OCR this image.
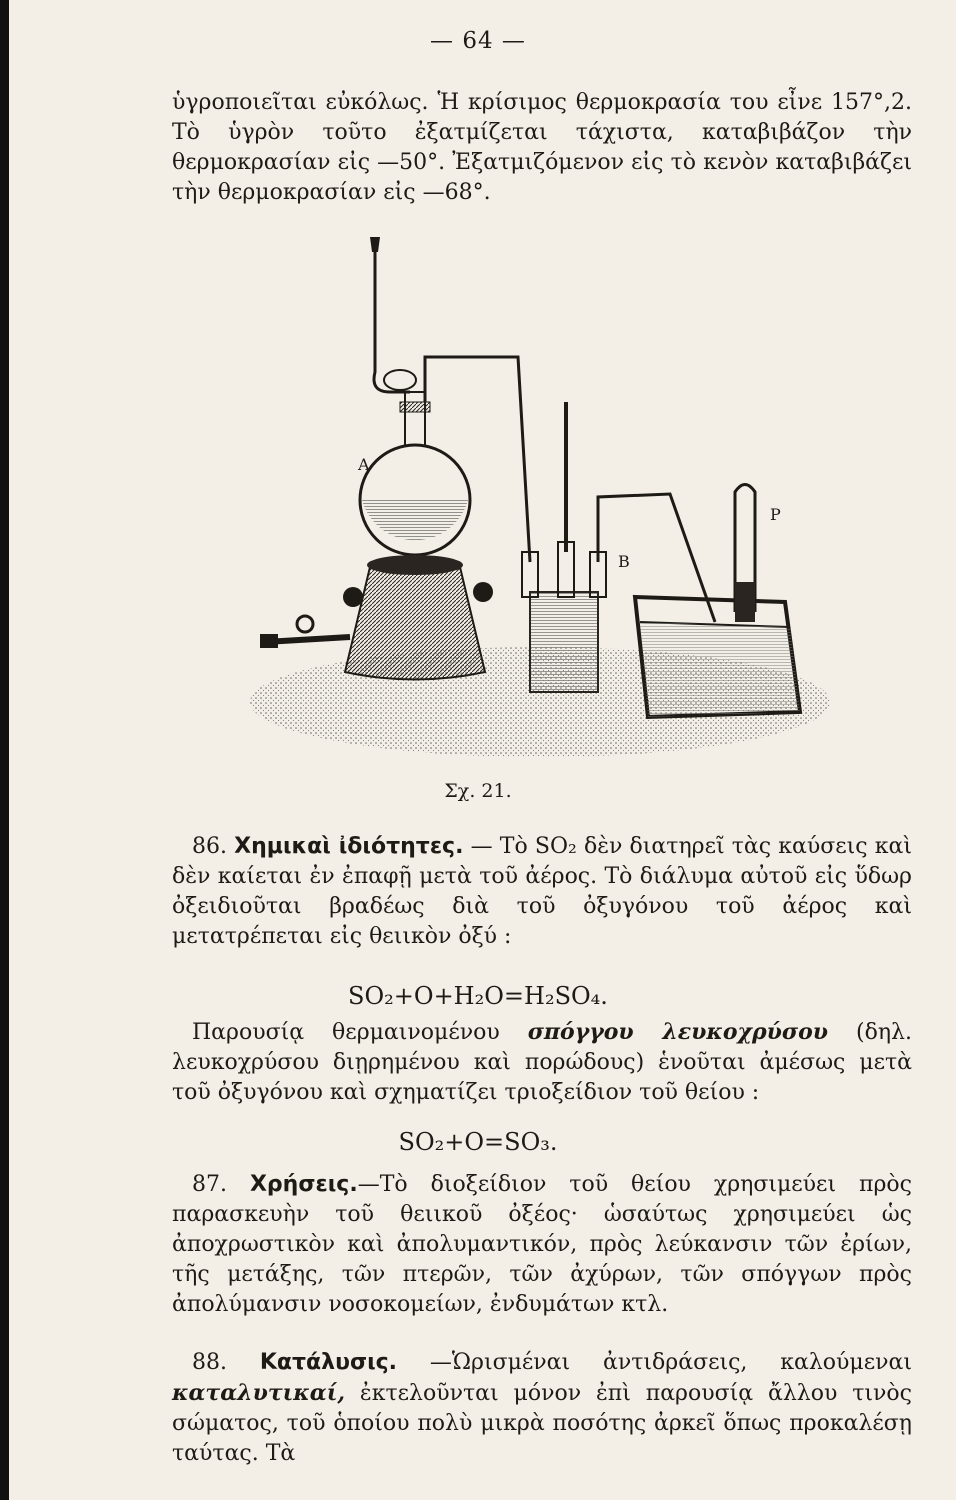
— 64 —

ὑγροποιεῖται εὐκόλως. Ἡ κρίσιμος θερμοκρασία του εἶνε 157°,2. Τὸ ὑγρὸν τοῦτο ἐξατμίζεται τάχιστα, καταβιβάζον τὴν θερμοκρασίαν εἰς —50°. Ἐξατμιζόμενον εἰς τὸ κενὸν καταβιβάζει τὴν θερμοκρασίαν εἰς —68°.

Α
Β
Ρ
Σχ. 21.

86. Χημικαὶ ἰδιότητες. — Τὸ SO₂ δὲν διατηρεῖ τὰς καύσεις καὶ δὲν καίεται ἐν ἐπαφῇ μετὰ τοῦ ἀέρος. Τὸ διάλυμα αὐτοῦ εἰς ὕδωρ ὀξειδιοῦται βραδέως διὰ τοῦ ὀξυγόνου τοῦ ἀέρος καὶ μετατρέπεται εἰς θειικὸν ὀξύ :

SO₂+O+H₂O=H₂SO₄.

Παρουσίᾳ θερμαινομένου σπόγγου λευκοχρύσου (δηλ. λευκοχρύσου διῃρημένου καὶ πορώδους) ἑνοῦται ἀμέσως μετὰ τοῦ ὀξυγόνου καὶ σχηματίζει τριοξείδιον τοῦ θείου :

SO₂+O=SO₃.

87. Χρήσεις.—Τὸ διοξείδιον τοῦ θείου χρησιμεύει πρὸς παρασκευὴν τοῦ θειικοῦ ὀξέος· ὡσαύτως χρησιμεύει ὡς ἀποχρωστικὸν καὶ ἀπολυμαντικόν, πρὸς λεύκανσιν τῶν ἐρίων, τῆς μετάξης, τῶν πτερῶν, τῶν ἀχύρων, τῶν σπόγγων πρὸς ἀπολύμανσιν νοσοκομείων, ἐνδυμάτων κτλ.

88. Κατάλυσις. —Ὡρισμέναι ἀντιδράσεις, καλούμεναι καταλυτικαί, ἐκτελοῦνται μόνον ἐπὶ παρουσίᾳ ἄλλου τινὸς σώματος, τοῦ ὁποίου πολὺ μικρὰ ποσότης ἀρκεῖ ὅπως προκαλέσῃ ταύτας. Τὰ
